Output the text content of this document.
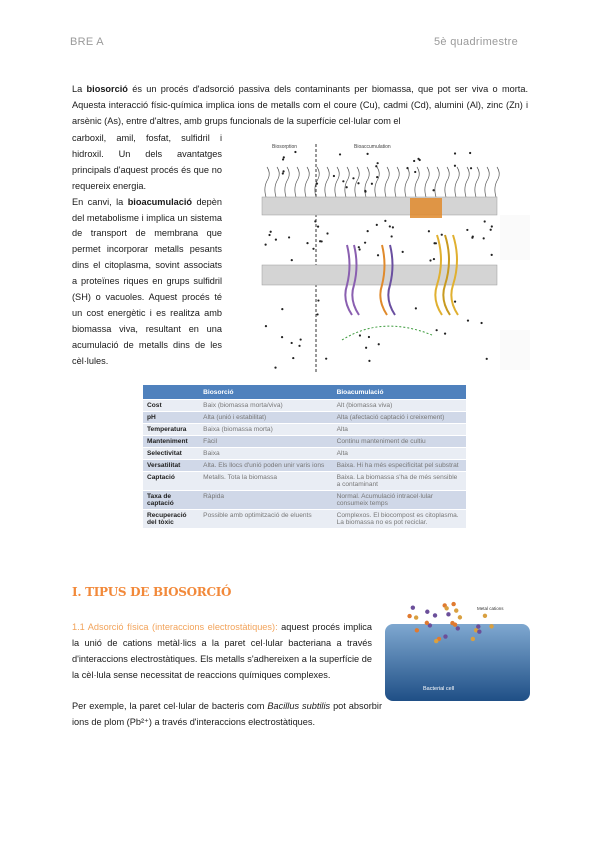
BRE A	5è quadrimestre
La biosorció és un procés d'adsorció passiva dels contaminants per biomassa, que pot ser viva o morta. Aquesta interacció físic-química implica ions de metalls com el coure (Cu), cadmi (Cd), alumini (Al), zinc (Zn) i arsènic (As), entre d'altres, amb grups funcionals de la superfície cel·lular com el
carboxil, amil, fosfat, sulfidril i hidroxil. Un dels avantatges principals d'aquest procés és que no requereix energia.
En canvi, la bioacumulació depèn del metabolisme i implica un sistema de transport de membrana que permet incorporar metalls pesants dins el citoplasma, sovint associats a proteïnes riques en grups sulfidril (SH) o vacuoles. Aquest procés té un cost energètic i es realitza amb biomassa viva, resultant en una acumulació de metalls dins de les cèl·lules.
Biosorption	Bioaccumulation
	Biosorció	Bioacumulació
Cost	Baix (biomassa morta/viva)	Alt (biomassa viva)
pH	Alta (unió i estabilitat)	Alta (afectació captació i creixement)
Temperatura	Baixa (biomassa morta)	Alta
Manteniment	Fàcil	Continu manteniment de cultiu
Selectivitat	Baixa	Alta
Versatilitat	Alta. Els llocs d'unió poden unir varis ions	Baixa. Hi ha més especificitat pel substrat
Captació	Metalls. Tota la biomassa	Baixa. La biomassa s'ha de més sensible a contaminant
Taxa de captació	Ràpida	Normal. Acumulació intracel·lular consumeix temps
Recuperació del tòxic	Possible amb optimització de eluents	Complexos. El biocompost es citoplasma. La biomassa no es pot reciclar.
I. TIPUS DE BIOSORCIÓ
1.1 Adsorció física (interaccions electrostàtiques): aquest procés implica la unió de cations metàl·lics a la paret cel·lular bacteriana a través d'interaccions electrostàtiques. Els metalls s'adhereixen a la superfície de la cèl·lula sense necessitat de reaccions químiques complexes.
Per exemple, la paret cel·lular de bacteris com Bacillus subtilis pot absorbir ions de plom (Pb²⁺) a través d'interaccions electrostàtiques.
Metal cations
Bacterial cell
